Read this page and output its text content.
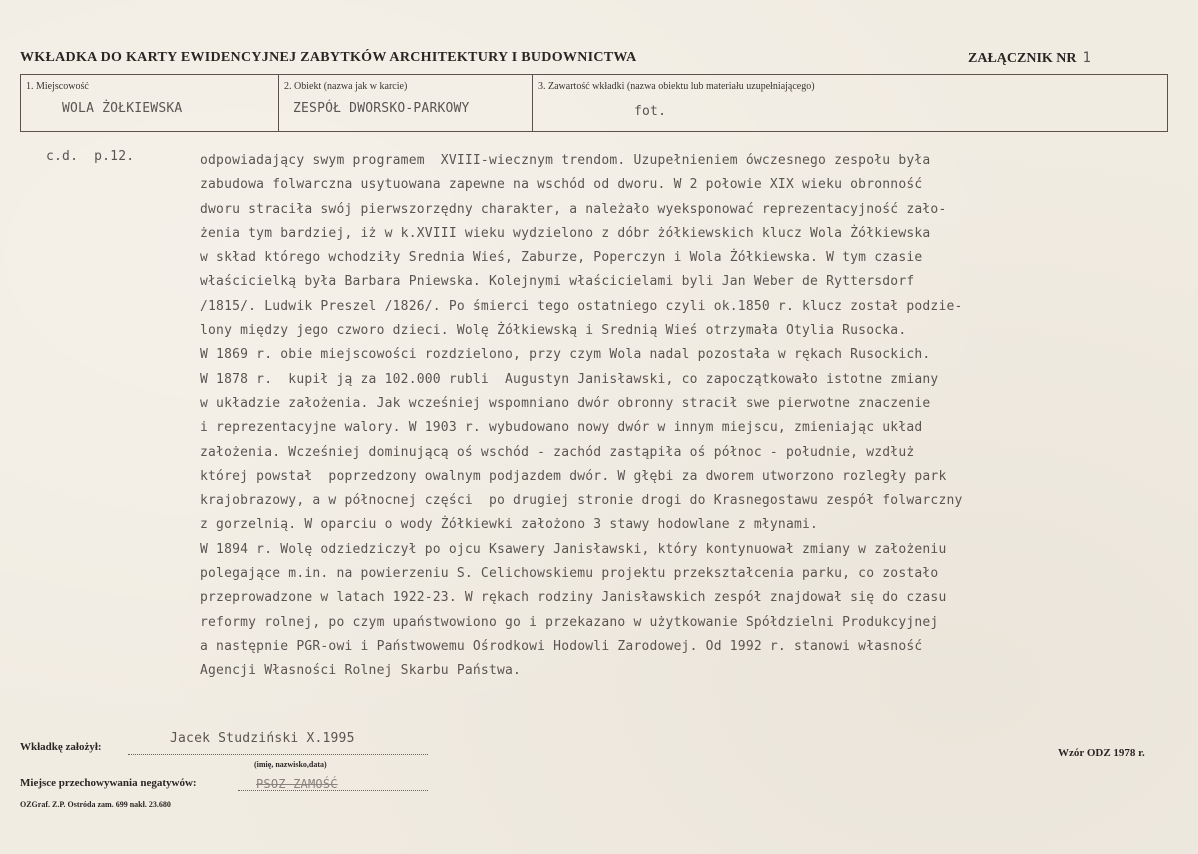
WKŁADKA DO KARTY EWIDENCYJNEJ ZABYTKÓW ARCHITEKTURY I BUDOWNICTWA	ZAŁĄCZNIK NR 1
1. Miejscowość
WOLA ŻOŁKIEWSKA
2. Obiekt (nazwa jak w karcie)
ZESPÓŁ DWORSKO-PARKOWY
3. Zawartość wkładki (nazwa obiektu lub materiału uzupełniającego)
fot.
c.d. p.12.	odpowiadający swym programem  XVIII-wiecznym trendom. Uzupełnieniem ówczesnego zespołu była
zabudowa folwarczna usytuowana zapewne na wschód od dworu. W 2 połowie XIX wieku obronność
dworu straciła swój pierwszorzędny charakter, a należało wyeksponować reprezentacyjność zało-
żenia tym bardziej, iż w k.XVIII wieku wydzielono z dóbr żółkiewskich klucz Wola Żółkiewska
w skład którego wchodziły Srednia Wieś, Zaburze, Poperczyn i Wola Żółkiewska. W tym czasie
właścicielką była Barbara Pniewska. Kolejnymi właścicielami byli Jan Weber de Ryttersdorf
/1815/. Ludwik Preszel /1826/. Po śmierci tego ostatniego czyli ok.1850 r. klucz został podzie-
lony między jego czworo dzieci. Wolę Żółkiewską i Srednią Wieś otrzymała Otylia Rusocka.
W 1869 r. obie miejscowości rozdzielono, przy czym Wola nadal pozostała w rękach Rusockich.
W 1878 r.  kupił ją za 102.000 rubli  Augustyn Janisławski, co zapoczątkowało istotne zmiany
w układzie założenia. Jak wcześniej wspomniano dwór obronny stracił swe pierwotne znaczenie
i reprezentacyjne walory. W 1903 r. wybudowano nowy dwór w innym miejscu, zmieniając układ
założenia. Wcześniej dominującą oś wschód - zachód zastąpiła oś północ - południe, wzdłuż
której powstał  poprzedzony owalnym podjazdem dwór. W głębi za dworem utworzono rozległy park
krajobrazowy, a w północnej części  po drugiej stronie drogi do Krasnegostawu zespół folwarczny
z gorzelnią. W oparciu o wody Żółkiewki założono 3 stawy hodowlane z młynami.
W 1894 r. Wolę odziedziczył po ojcu Ksawery Janisławski, który kontynuował zmiany w założeniu
polegające m.in. na powierzeniu S. Celichowskiemu projektu przekształcenia parku, co zostało
przeprowadzone w latach 1922-23. W rękach rodziny Janisławskich zespół znajdował się do czasu
reformy rolnej, po czym upaństwowiono go i przekazano w użytkowanie Spółdzielni Produkcyjnej
a następnie PGR-owi i Państwowemu Ośrodkowi Hodowli Zarodowej. Od 1992 r. stanowi własność
Agencji Własności Rolnej Skarbu Państwa.
Wkładkę założył:
Jacek Studziński X.1995
(imię, nazwisko,data)
Miejsce przechowywania negatywów:	PSOZ ZAMOŚĆ
Wzór ODZ 1978 r.
OZGraf. Z.P. Ostróda zam. 699 nakł. 23.680
